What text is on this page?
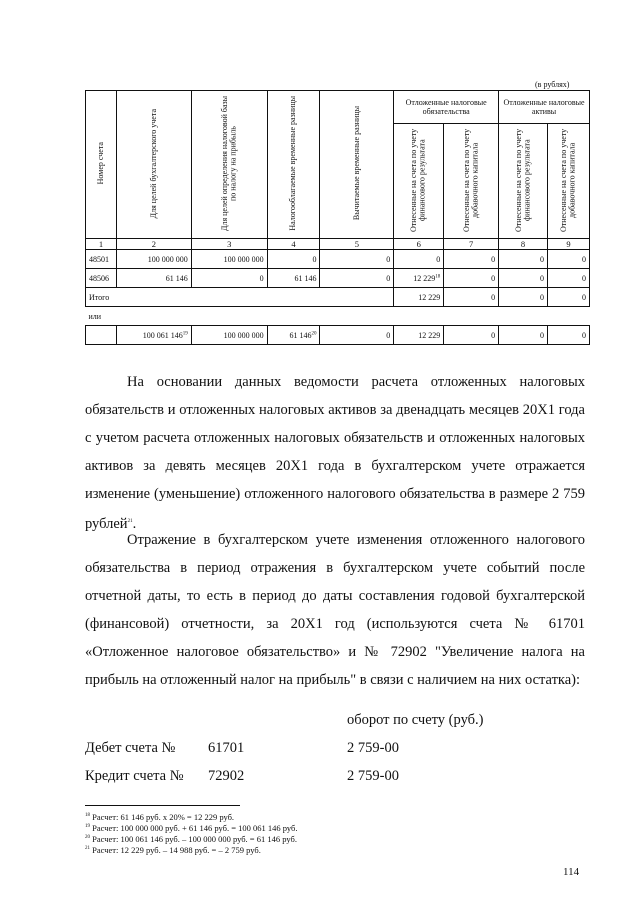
(в рублях)
Номер счета	Для целей бухгалтерского учета	Для целей определения налоговой базы по налогу на прибыль	Налогооблагаемые временные разницы	Вычитаемые временные разницы	Отложенные налоговые обязательства		Отложенные налоговые активы	
					Отнесенные на счета по учету финансового результата	Отнесенные на счета по учету добавочного капитала	Отнесенные на счета по учету финансового результата	Отнесенные на счета по учету добавочного капитала
1	2	3	4	5	6	7	8	9
48501	100 000 000	100 000 000	0	0	0	0	0	0
48506	61 146	0	61 146	0	12 $229^{18}$	0	0	0
Итого					12 229	0	0	0
или								
	100 061 $146^{19}$	100 000 000	61 $146^{20}$	0	12 229	0	0	0

На основании данных ведомости расчета отложенных налоговых обязательств и отложенных налоговых активов за двенадцать месяцев 20Х1 года с учетом расчета отложенных налоговых обязательств и отложенных налоговых активов за девять месяцев 20Х1 года в бухгалтерском учете отражается изменение (уменьшение) отложенного налогового обязательства в размере 2 759 рублей$^{21}$.

Отражение в бухгалтерском учете изменения отложенного налогового обязательства в период отражения в бухгалтерском учете событий после отчетной даты, то есть в период до даты составления годовой бухгалтерской (финансовой) отчетности, за 20Х1 год (используются счета № 61701 «Отложенное налоговое обязательство» и № 72902 "Увеличение налога на прибыль на отложенный налог на прибыль" в связи с наличием на них остатка):

оборот по счету (руб.)
Дебет счета № 61701	2 759-00
Кредит счета № 72902	2 759-00
$^{18}$ Расчет: 61 146 руб. x 20% = 12 229 руб.
$^{19}$ Расчет: 100 000 000 руб. + 61 146 руб. = 100 061 146 руб.
$^{20}$ Расчет: 100 061 146 руб. – 100 000 000 руб. = 61 146 руб.
$^{21}$ Расчет: 12 229 руб. – 14 988 руб. = – 2 759 руб.
114
